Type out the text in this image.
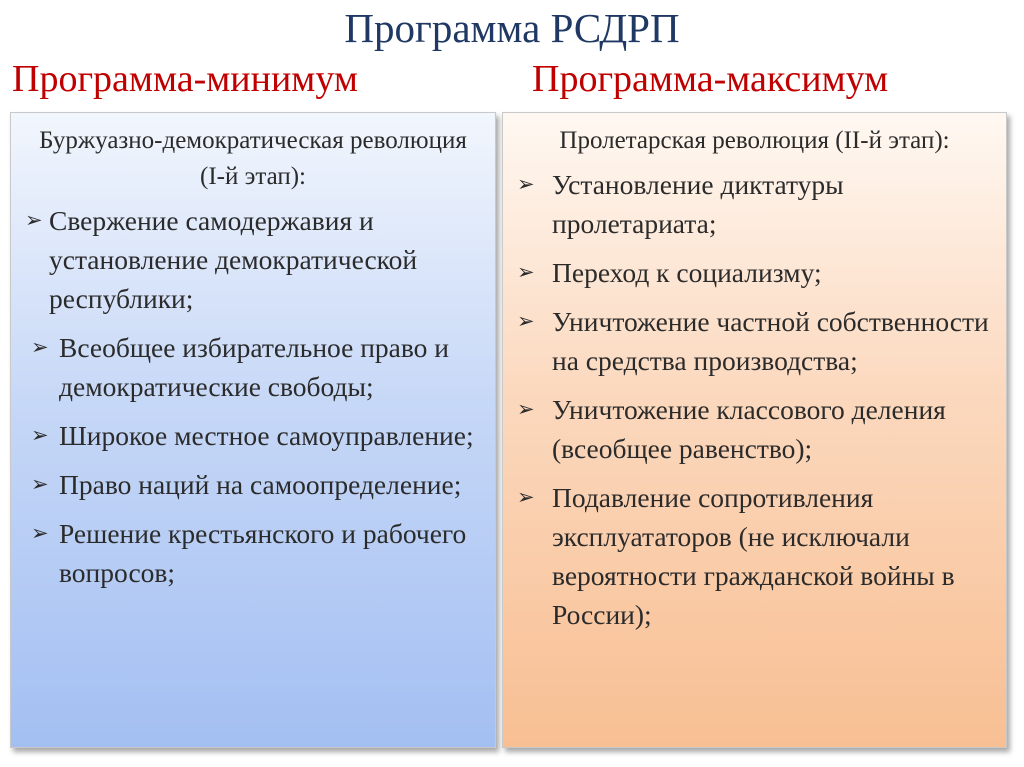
Программа РСДРП
Программа-минимум	Программа-максимум
Буржуазно-демократическая революция (I-й этап):
➢ Свержение самодержавия и установление демократической республики;
➢ Всеобщее избирательное право и демократические свободы;
➢ Широкое местное самоуправление;
➢ Право наций на самоопределение;
➢ Решение крестьянского и рабочего вопросов;
Пролетарская революция (II-й этап):
➢ Установление диктатуры пролетариата;
➢ Переход к социализму;
➢ Уничтожение частной собственности на средства производства;
➢ Уничтожение классового деления (всеобщее равенство);
➢ Подавление сопротивления эксплуататоров (не исключали вероятности гражданской войны в России);
